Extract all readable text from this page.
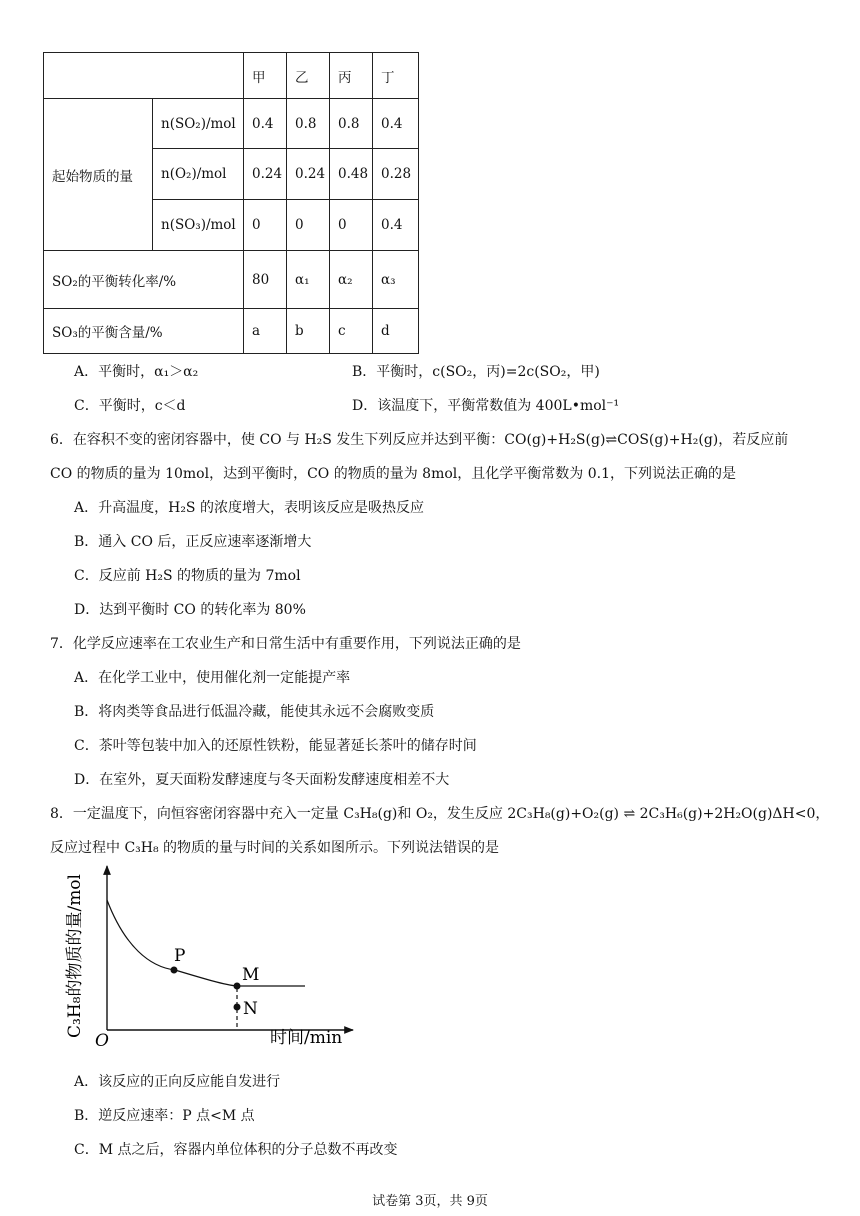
		甲	乙	丙	丁
起始物质的量	n(SO₂)/mol	0.4	0.8	0.8	0.4
	n(O₂)/mol	0.24	0.24	0.48	0.28
	n(SO₃)/mol	0	0	0	0.4
SO₂的平衡转化率/%		80	α₁	α₂	α₃
SO₃的平衡含量/%		a	b	c	d
A．平衡时，α₁＞α₂	B．平衡时，c(SO₂，丙)=2c(SO₂，甲)
C．平衡时，c＜d	D．该温度下，平衡常数值为 400L•mol⁻¹
6．在容积不变的密闭容器中，使 CO 与 H₂S 发生下列反应并达到平衡：CO(g)+H₂S(g)⇌COS(g)+H₂(g)，若反应前
CO 的物质的量为 10mol，达到平衡时，CO 的物质的量为 8mol，且化学平衡常数为 0.1，下列说法正确的是
A．升高温度，H₂S 的浓度增大，表明该反应是吸热反应
B．通入 CO 后，正反应速率逐渐增大
C．反应前 H₂S 的物质的量为 7mol
D．达到平衡时 CO 的转化率为 80%
7．化学反应速率在工农业生产和日常生活中有重要作用，下列说法正确的是
A．在化学工业中，使用催化剂一定能提产率
B．将肉类等食品进行低温冷藏，能使其永远不会腐败变质
C．茶叶等包装中加入的还原性铁粉，能显著延长茶叶的储存时间
D．在室外，夏天面粉发酵速度与冬天面粉发酵速度相差不大
8．一定温度下，向恒容密闭容器中充入一定量 C₃H₈(g)和 O₂，发生反应 2C₃H₈(g)+O₂(g) ⇌ 2C₃H₆(g)+2H₂O(g)ΔH<0，
反应过程中 C₃H₈ 的物质的量与时间的关系如图所示。下列说法错误的是
P
M
N
O	时间/min
C₃H₈的物质的量/mol
A．该反应的正向反应能自发进行
B．逆反应速率：P 点<M 点
C．M 点之后，容器内单位体积的分子总数不再改变
试卷第 3页，共 9页
